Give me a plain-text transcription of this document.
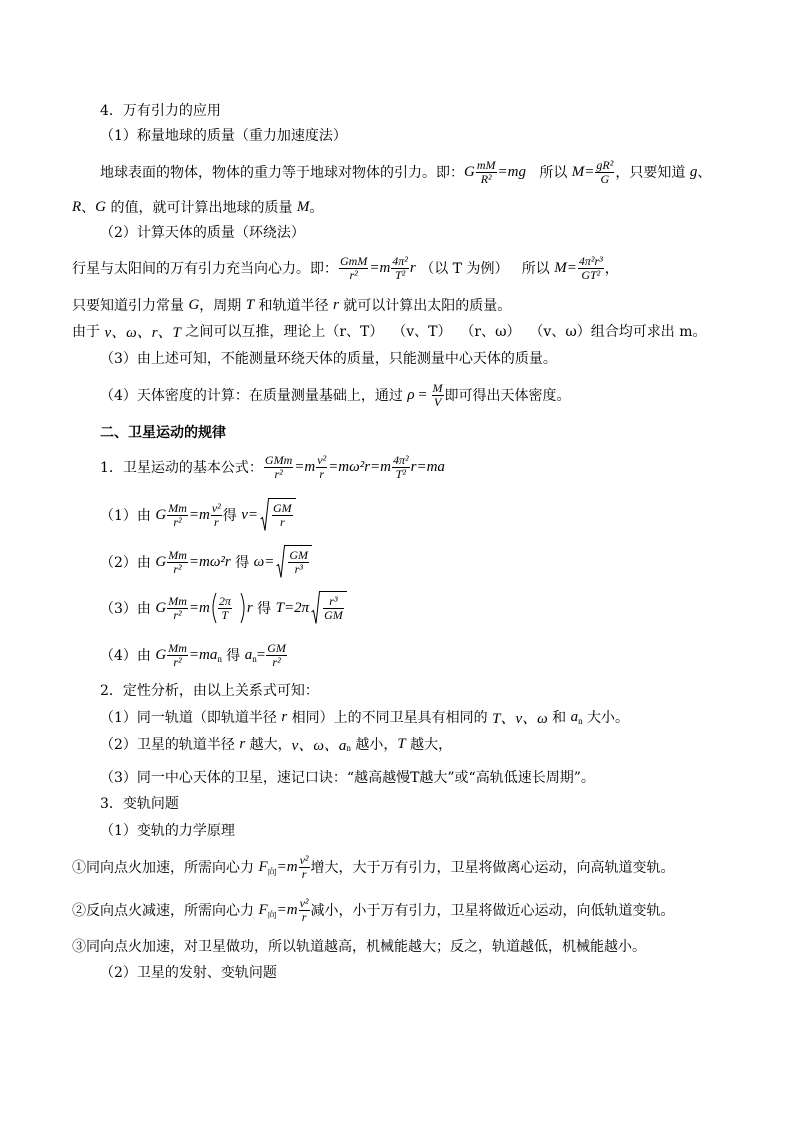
4．万有引力的应用
（1）称量地球的质量（重力加速度法）
地球表面的物体，物体的重力等于地球对物体的引力。即： G $\frac{mM}{\text{R²}} =mg$ 所以 $M= \frac{\text{gR²}}{G}$ ，只要知道 g 、
R 、 G 的值，就可计算出地球的质量 M 。
（2）计算天体的质量（环绕法）
行星与太阳间的万有引力充当向心力。即： $\frac{\text{GmM}}{\text{r²}} =m \frac{\text{4π²}}{\text{T²}}$ r （以 T 为例）   所以 $M= \frac{\text{4π²r³}}{\text{GT²}}$ ，
只要知道引力常量 G ，周期 T 和轨道半径 r 就可以计算出太阳的质量。
由于 v、ω、r、T 之间可以互推，理论上（r、T）  （v、T）  （r、ω）  （v、ω）组合均可求出 m。
（3）由上述可知，不能测量环绕天体的质量，只能测量中心天体的质量。
（4）天体密度的计算：在质量测量基础上，通过 $\rho = \frac{M}{V}$ 即可得出天体密度。
二、卫星运动的规律
1．卫星运动的基本公式： $\frac{\text{GMm}}{\text{r²}} =m \frac{\text{v²}}{r} =m\omega^2r=m \frac{\text{4π²}}{\text{T²}} r=ma$
（1）由 G $\frac{Mm}{\text{r²}} =m \frac{\text{v²}}{r}$ 得 $v= \frac{GM}{r}$
（2）由 G $\frac{Mm}{\text{r²}} =m\omega^2r$ 得 $\omega= \frac{GM}{\text{r³}}$
（3）由 G $\frac{Mm}{\text{r²}} =m \frac{2\pi}{T}$ r 得 $T=2\pi \frac{\text{r³}}{GM}$
（4）由 G $\frac{Mm}{\text{r²}} =ma$ n 得 a $n = \frac{GM}{\text{r²}}$
2．定性分析，由以上关系式可知：
（1）同一轨道（即轨道半径 r 相同）上的不同卫星具有相同的 T、v、ω 和 a n 大小。
（2）卫星的轨道半径 r 越大， v、ω、a n 越小， T 越大，
（3）同一中心天体的卫星，速记口诀：“越高越慢T越大”或“高轨低速长周期”。
3．变轨问题
（1）变轨的力学原理
①同向点火加速，所需向心力 F 向 $=m \frac{\text{v²}}{r}$ 增大，大于万有引力，卫星将做离心运动，向高轨道变轨。
②反向点火减速，所需向心力 F 向 $=m \frac{\text{v²}}{r}$ 减小，小于万有引力，卫星将做近心运动，向低轨道变轨。
③同向点火加速，对卫星做功，所以轨道越高，机械能越大；反之，轨道越低，机械能越小。
（2）卫星的发射、变轨问题
